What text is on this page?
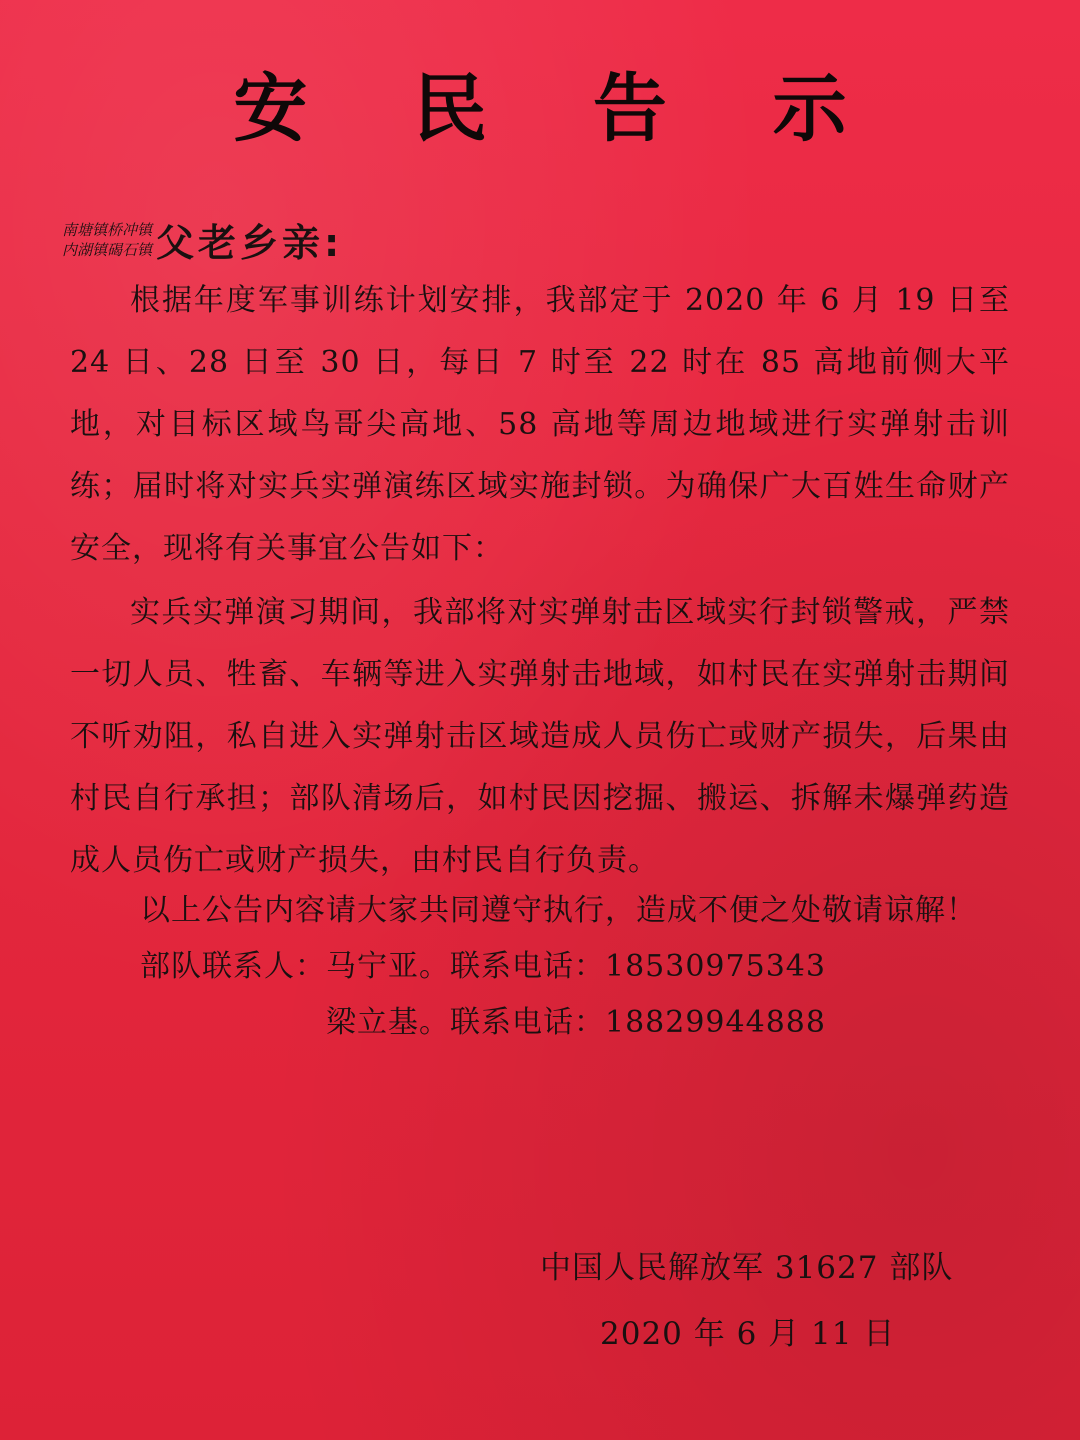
安 民 告 示
南塘镇桥冲镇
内湖镇碣石镇 父老乡亲:

根据年度军事训练计划安排，我部定于 2020 年 6 月 19 日至 24 日、28 日至 30 日，每日 7 时至 22 时在 85 高地前侧大平地，对目标区域鸟哥尖高地、58 高地等周边地域进行实弹射击训练；届时将对实兵实弹演练区域实施封锁。为确保广大百姓生命财产安全，现将有关事宜公告如下：

实兵实弹演习期间，我部将对实弹射击区域实行封锁警戒，严禁一切人员、牲畜、车辆等进入实弹射击地域，如村民在实弹射击期间不听劝阻，私自进入实弹射击区域造成人员伤亡或财产损失，后果由村民自行承担；部队清场后，如村民因挖掘、搬运、拆解未爆弹药造成人员伤亡或财产损失，由村民自行负责。

以上公告内容请大家共同遵守执行，造成不便之处敬请谅解！
部队联系人：马宁亚。联系电话：18530975343
梁立基。联系电话：18829944888
中国人民解放军 31627 部队
2020 年 6 月 11 日
